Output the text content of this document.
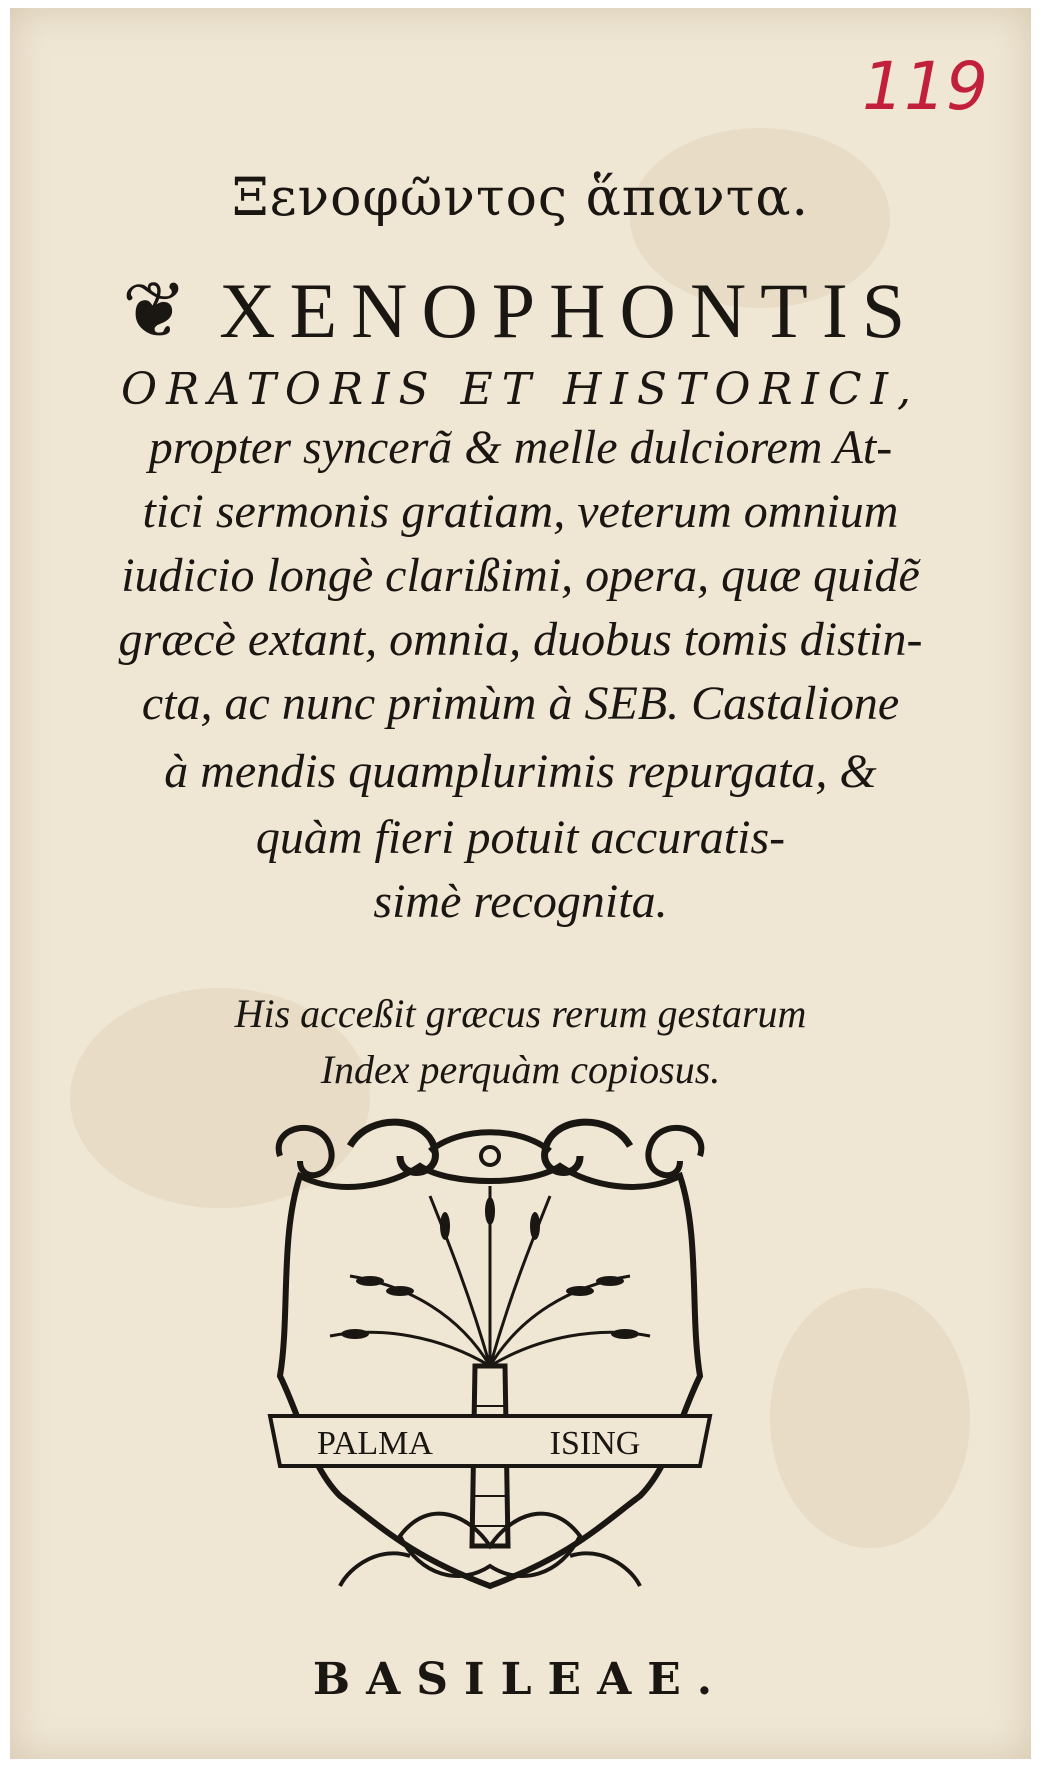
119
Ξενοφῶντος ἅπαντα.
❦ XENOPHONTIS
ORATORIS ET HISTORICI,
propter syncerã & melle dulciorem At-
tici sermonis gratiam, veterum omnium
iudicio longè clarißimi, opera, quæ quidẽ
græcè extant, omnia, duobus tomis distin-
cta, ac nunc primùm à SEB. Castalione
à mendis quamplurimis repurgata, &
quàm fieri potuit accuratis-
simè recognita.
His acceßit græcus rerum gestarum
Index perquàm copiosus.
PALMA	ISING
BASILEAE.
